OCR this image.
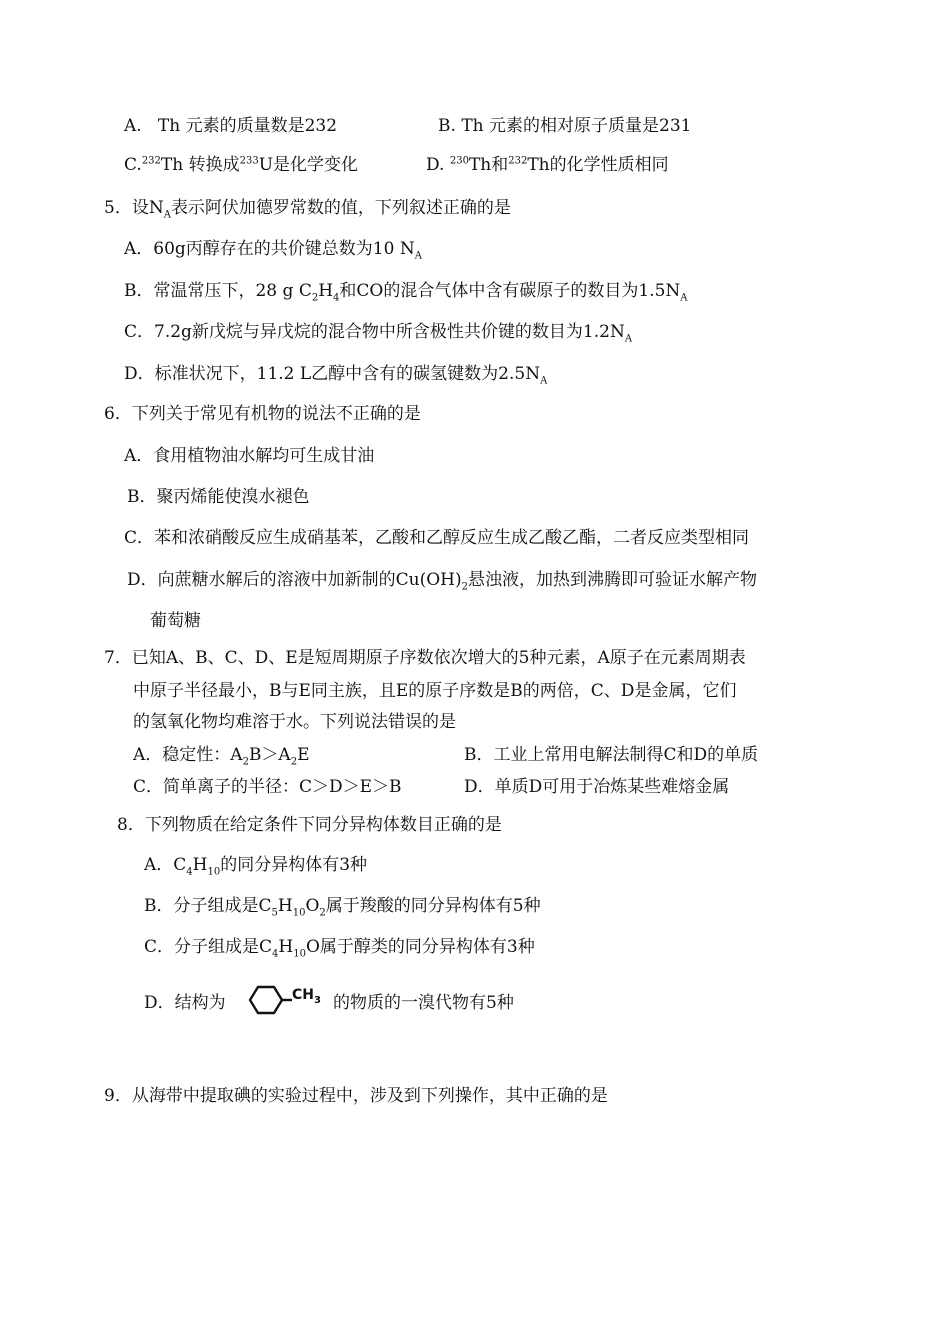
A. Th 元素的质量数是232	B. Th 元素的相对原子质量是231
C.$^{232}$Th 转换成$^{233}$U是化学变化	D. $^{230}$Th和$^{232}$Th的化学性质相同
5．设$N_A$表示阿伏加德罗常数的值，下列叙述正确的是
A．60g丙醇存在的共价键总数为10 $N_A$
B．常温常压下，28 g $C_2H_4$和CO的混合气体中含有碳原子的数目为$1.5N_A$
C．7.2g新戊烷与异戊烷的混合物中所含极性共价键的数目为$1.2N_A$
D．标准状况下，11.2 L乙醇中含有的碳氢键数为$2.5N_A$
6．下列关于常见有机物的说法不正确的是
A．食用植物油水解均可生成甘油
B．聚丙烯能使溴水褪色
C．苯和浓硝酸反应生成硝基苯，乙酸和乙醇反应生成乙酸乙酯，二者反应类型相同
D．向蔗糖水解后的溶液中加新制的$Cu(OH)_2$悬浊液，加热到沸腾即可验证水解产物
葡萄糖
7．已知A、B、C、D、E是短周期原子序数依次增大的5种元素，A原子在元素周期表
中原子半径最小，B与E同主族，且E的原子序数是B的两倍，C、D是金属，它们
的氢氧化物均难溶于水。下列说法错误的是
A．稳定性：$A_2B>A_2E$	B．工业上常用电解法制得C和D的单质
C．简单离子的半径：C＞D＞E＞B	D．单质D可用于冶炼某些难熔金属
8．下列物质在给定条件下同分异构体数目正确的是
A．$C_4H_{10}$的同分异构体有3种
B．分子组成是$C_5H_{10}O_2$属于羧酸的同分异构体有5种
C．分子组成是$C_4H_{10}O$属于醇类的同分异构体有3种
D．结构为	$CH_3$ 的物质的一溴代物有5种
9．从海带中提取碘的实验过程中，涉及到下列操作，其中正确的是
